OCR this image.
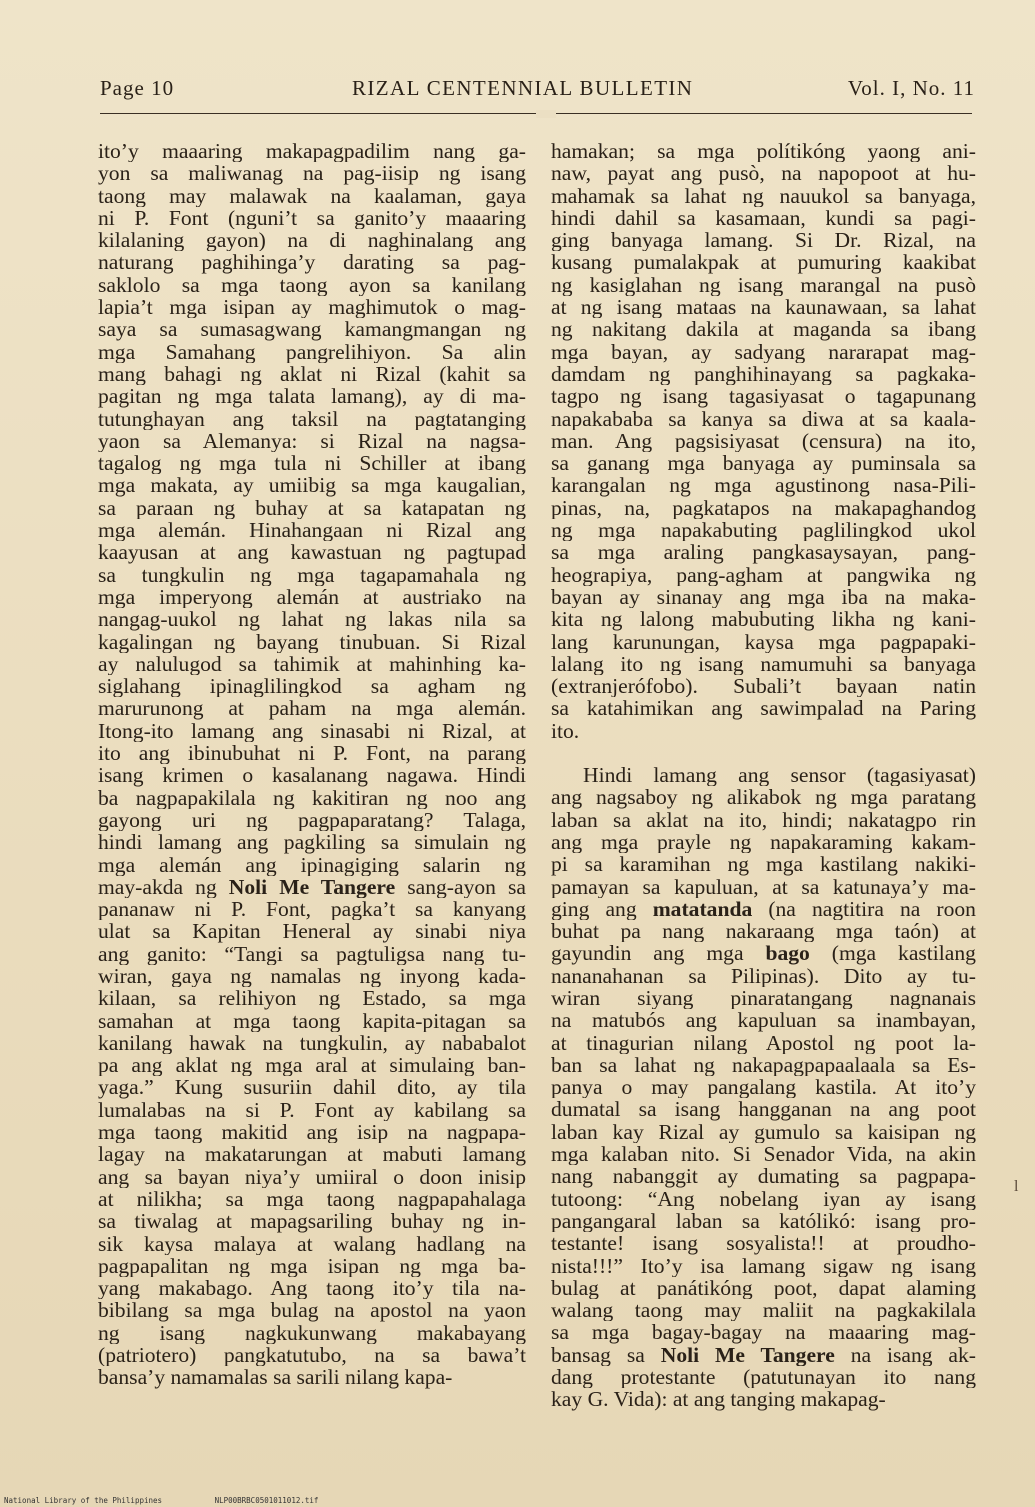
Page 10	RIZAL CENTENNIAL BULLETIN	Vol. I, No. 11
ito’y maaaring makapagpadilim nang ga-
yon sa maliwanag na pag-iisip ng isang
taong may malawak na kaalaman, gaya
ni P. Font (nguni’t sa ganito’y maaaring
kilalaning gayon) na di naghinalang ang
naturang paghihinga’y darating sa pag-
saklolo sa mga taong ayon sa kanilang
lapia’t mga isipan ay maghimutok o mag-
saya sa sumasagwang kamangmangan ng
mga Samahang pangrelihiyon. Sa alin
mang bahagi ng aklat ni Rizal (kahit sa
pagitan ng mga talata lamang), ay di ma-
tutunghayan ang taksil na pagtatanging
yaon sa Alemanya: si Rizal na nagsa-
tagalog ng mga tula ni Schiller at ibang
mga makata, ay umiibig sa mga kaugalian,
sa paraan ng buhay at sa katapatan ng
mga alemán. Hinahangaan ni Rizal ang
kaayusan at ang kawastuan ng pagtupad
sa tungkulin ng mga tagapamahala ng
mga imperyong alemán at austriako na
nangag-uukol ng lahat ng lakas nila sa
kagalingan ng bayang tinubuan. Si Rizal
ay nalulugod sa tahimik at mahinhing ka-
siglahang ipinaglilingkod sa agham ng
marurunong at paham na mga alemán.
Itong-ito lamang ang sinasabi ni Rizal, at
ito ang ibinubuhat ni P. Font, na parang
isang krimen o kasalanang nagawa. Hindi
ba nagpapakilala ng kakitiran ng noo ang
gayong uri ng pagpaparatang? Talaga,
hindi lamang ang pagkiling sa simulain ng
mga alemán ang ipinagiging salarin ng
may-akda ng Noli Me Tangere sang-ayon sa
pananaw ni P. Font, pagka’t sa kanyang
ulat sa Kapitan Heneral ay sinabi niya
ang ganito: “Tangi sa pagtuligsa nang tu-
wiran, gaya ng namalas ng inyong kada-
kilaan, sa relihiyon ng Estado, sa mga
samahan at mga taong kapita-pitagan sa
kanilang hawak na tungkulin, ay nababalot
pa ang aklat ng mga aral at simulaing ban-
yaga.” Kung susuriin dahil dito, ay tila
lumalabas na si P. Font ay kabilang sa
mga taong makitid ang isip na nagpapa-
lagay na makatarungan at mabuti lamang
ang sa bayan niya’y umiiral o doon inisip
at nilikha; sa mga taong nagpapahalaga
sa tiwalag at mapagsariling buhay ng in-
sik kaysa malaya at walang hadlang na
pagpapalitan ng mga isipan ng mga ba-
yang makabago. Ang taong ito’y tila na-
bibilang sa mga bulag na apostol na yaon
ng isang nagkukunwang makabayang
(patriotero) pangkatutubo, na sa bawa’t
bansa’y namamalas sa sarili nilang kapa-
hamakan; sa mga polítikóng yaong ani-
naw, payat ang pusò, na napopoot at hu-
mahamak sa lahat ng nauukol sa banyaga,
hindi dahil sa kasamaan, kundi sa pagi-
ging banyaga lamang. Si Dr. Rizal, na
kusang pumalakpak at pumuring kaakibat
ng kasiglahan ng isang marangal na pusò
at ng isang mataas na kaunawaan, sa lahat
ng nakitang dakila at maganda sa ibang
mga bayan, ay sadyang nararapat mag-
damdam ng panghihinayang sa pagkaka-
tagpo ng isang tagasiyasat o tagapunang
napakababa sa kanya sa diwa at sa kaala-
man. Ang pagsisiyasat (censura) na ito,
sa ganang mga banyaga ay puminsala sa
karangalan ng mga agustinong nasa-Pili-
pinas, na, pagkatapos na makapaghandog
ng mga napakabuting paglilingkod ukol
sa mga araling pangkasaysayan, pang-
heograpiya, pang-agham at pangwika ng
bayan ay sinanay ang mga iba na maka-
kita ng lalong mabubuting likha ng kani-
lang karunungan, kaysa mga pagpapaki-
lalang ito ng isang namumuhi sa banyaga
(extranjerófobo). Subali’t bayaan natin
sa katahimikan ang sawimpalad na Paring
ito.
Hindi lamang ang sensor (tagasiyasat)
ang nagsaboy ng alikabok ng mga paratang
laban sa aklat na ito, hindi; nakatagpo rin
ang mga prayle ng napakaraming kakam-
pi sa karamihan ng mga kastilang nakiki-
pamayan sa kapuluan, at sa katunaya’y ma-
ging ang matatanda (na nagtitira na roon
buhat pa nang nakaraang mga taón) at
gayundin ang mga bago (mga kastilang
nananahanan sa Pilipinas). Dito ay tu-
wiran siyang pinaratangang nagnanais
na matubós ang kapuluan sa inambayan,
at tinagurian nilang Apostol ng poot la-
ban sa lahat ng nakapagpapaalaala sa Es-
panya o may pangalang kastila. At ito’y
dumatal sa isang hangganan na ang poot
laban kay Rizal ay gumulo sa kaisipan ng
mga kalaban nito. Si Senador Vida, na akin
nang nabanggit ay dumating sa pagpapa-
tutoong: “Ang nobelang iyan ay isang
pangangaral laban sa katólikó: isang pro-
testante! isang sosyalista!! at proudho-
nista!!!” Ito’y isa lamang sigaw ng isang
bulag at panátikóng poot, dapat alaming
walang taong may maliit na pagkakilala
sa mga bagay-bagay na maaaring mag-
bansag sa Noli Me Tangere na isang ak-
dang protestante (patutunayan ito nang
kay G. Vida): at ang tanging makapag-
l
National Library of the Philippines	NLP00BRBC0501011012.tif
